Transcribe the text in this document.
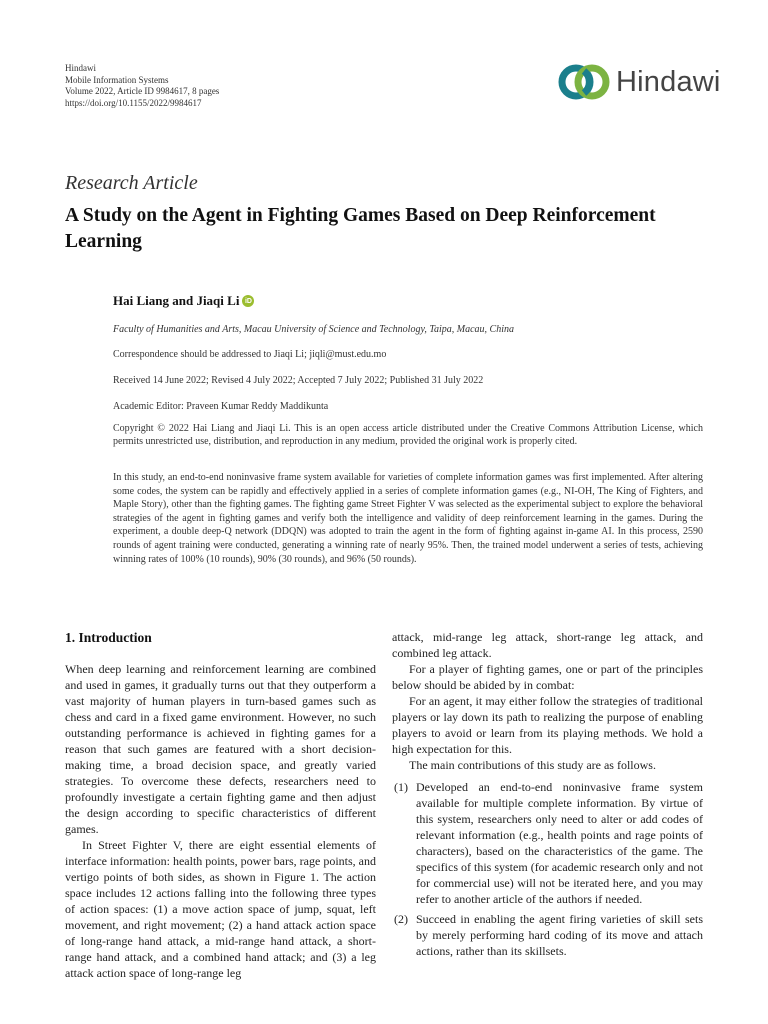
Hindawi
Mobile Information Systems
Volume 2022, Article ID 9984617, 8 pages
https://doi.org/10.1155/2022/9984617
Hindawi
Research Article
A Study on the Agent in Fighting Games Based on Deep Reinforcement Learning
Hai Liang and Jiaqi Li iD
Faculty of Humanities and Arts, Macau University of Science and Technology, Taipa, Macau, China
Correspondence should be addressed to Jiaqi Li; jiqli@must.edu.mo
Received 14 June 2022; Revised 4 July 2022; Accepted 7 July 2022; Published 31 July 2022
Academic Editor: Praveen Kumar Reddy Maddikunta
Copyright © 2022 Hai Liang and Jiaqi Li. This is an open access article distributed under the Creative Commons Attribution License, which permits unrestricted use, distribution, and reproduction in any medium, provided the original work is properly cited.
In this study, an end-to-end noninvasive frame system available for varieties of complete information games was first implemented. After altering some codes, the system can be rapidly and effectively applied in a series of complete information games (e.g., NI-OH, The King of Fighters, and Maple Story), other than the fighting games. The fighting game Street Fighter V was selected as the experimental subject to explore the behavioral strategies of the agent in fighting games and verify both the intelligence and validity of deep reinforcement learning in the games. During the experiment, a double deep-Q network (DDQN) was adopted to train the agent in the form of fighting against in-game AI. In this process, 2590 rounds of agent training were conducted, generating a winning rate of nearly 95%. Then, the trained model underwent a series of tests, achieving winning rates of 100% (10 rounds), 90% (30 rounds), and 96% (50 rounds).
1. Introduction

When deep learning and reinforcement learning are combined and used in games, it gradually turns out that they outperform a vast majority of human players in turn-based games such as chess and card in a fixed game environment. However, no such outstanding performance is achieved in fighting games for a reason that such games are featured with a short decision-making time, a broad decision space, and greatly varied strategies. To overcome these defects, researchers need to profoundly investigate a certain fighting game and then adjust the design according to specific characteristics of different games.

In Street Fighter V, there are eight essential elements of interface information: health points, power bars, rage points, and vertigo points of both sides, as shown in Figure 1. The action space includes 12 actions falling into the following three types of action spaces: (1) a move action space of jump, squat, left movement, and right movement; (2) a hand attack action space of long-range hand attack, a mid-range hand attack, a short-range hand attack, and a combined hand attack; and (3) a leg attack action space of long-range leg

attack, mid-range leg attack, short-range leg attack, and combined leg attack.

For a player of fighting games, one or part of the principles below should be abided by in combat:

For an agent, it may either follow the strategies of traditional players or lay down its path to realizing the purpose of enabling players to avoid or learn from its playing methods. We hold a high expectation for this.

The main contributions of this study are as follows.

(1) Developed an end-to-end noninvasive frame system available for multiple complete information. By virtue of this system, researchers only need to alter or add codes of relevant information (e.g., health points and rage points of characters), based on the characteristics of the game. The specifics of this system (for academic research only and not for commercial use) will not be iterated here, and you may refer to another article of the authors if needed.
(2) Succeed in enabling the agent firing varieties of skill sets by merely performing hard coding of its move and attach actions, rather than its skillsets.
